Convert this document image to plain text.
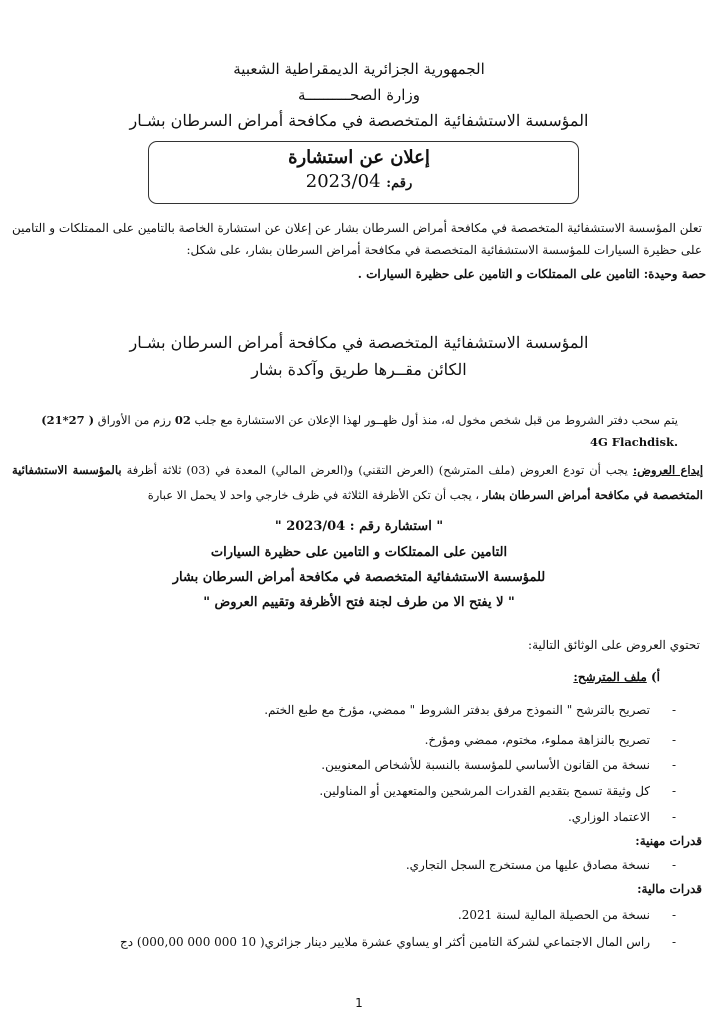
الجمهورية الجزائرية الديمقراطية الشعبية
وزارة الصحــــــــــة
المؤسسة الاستشفائية المتخصصة في مكافحة أمراض السرطان بشـار
إعلان عن استشارة
رقم: 2023/04
تعلن المؤسسة الاستشفائية المتخصصة في مكافحة أمراض السرطان بشار عن إعلان عن استشارة الخاصة بالتامين على الممتلكات و التامين على حظيرة السيارات للمؤسسة الاستشفائية المتخصصة في مكافحة أمراض السرطان بشار، على شكل:
حصة وحيدة: التامين على الممتلكات و التامين على حظيرة السيارات .
المؤسسة الاستشفائية المتخصصة في مكافحة أمراض السرطان بشـار
الكائن مقــرها طريق وآكدة بشار
يتم سحب دفتر الشروط من قبل شخص مخول له، منذ أول ظهــور لهذا الإعلان عن الاستشارة مع جلب 02 رزم من الأوراق (21*27 ) 4G Flachdisk.
إيداع العروض: يجب أن تودع العروض (ملف المترشح) (العرض التقني) و(العرض المالي) المعدة في (03) ثلاثة أظرفة بالمؤسسة الاستشفائية المتخصصة في مكافحة أمراض السرطان بشار ، يجب أن تكن الأظرفة الثلاثة في ظرف خارجي واحد لا يحمل الا عبارة
" استشارة رقم : 2023/04 "
التامين على الممتلكات و التامين على حظيرة السيارات
للمؤسسة الاستشفائية المتخصصة في مكافحة أمراض السرطان بشار
" لا يفتح الا من طرف لجنة فتح الأظرفة وتقييم العروض "
تحتوي العروض على الوثائق التالية:
أ) ملف المترشح:
-تصريح بالترشح " النموذج مرفق بدفتر الشروط " ممضي، مؤرخ مع طبع الختم.
-تصريح بالنزاهة مملوء، مختوم، ممضي ومؤرخ.
-نسخة من القانون الأساسي للمؤسسة بالنسبة للأشخاص المعنويين.
-كل وثيقة تسمح بتقديم القدرات المرشحين والمتعهدين أو المناولين.
-الاعتماد الوزاري.
قدرات مهنية:
-نسخة مصادق عليها من مستخرج السجل التجاري.
قدرات مالية:
-نسخة من الحصيلة المالية لسنة 2021.
-راس المال الاجتماعي لشركة التامين أكثر او يساوي عشرة ملايير دينار جزائري( 10 000 000 000,00) دج
1
